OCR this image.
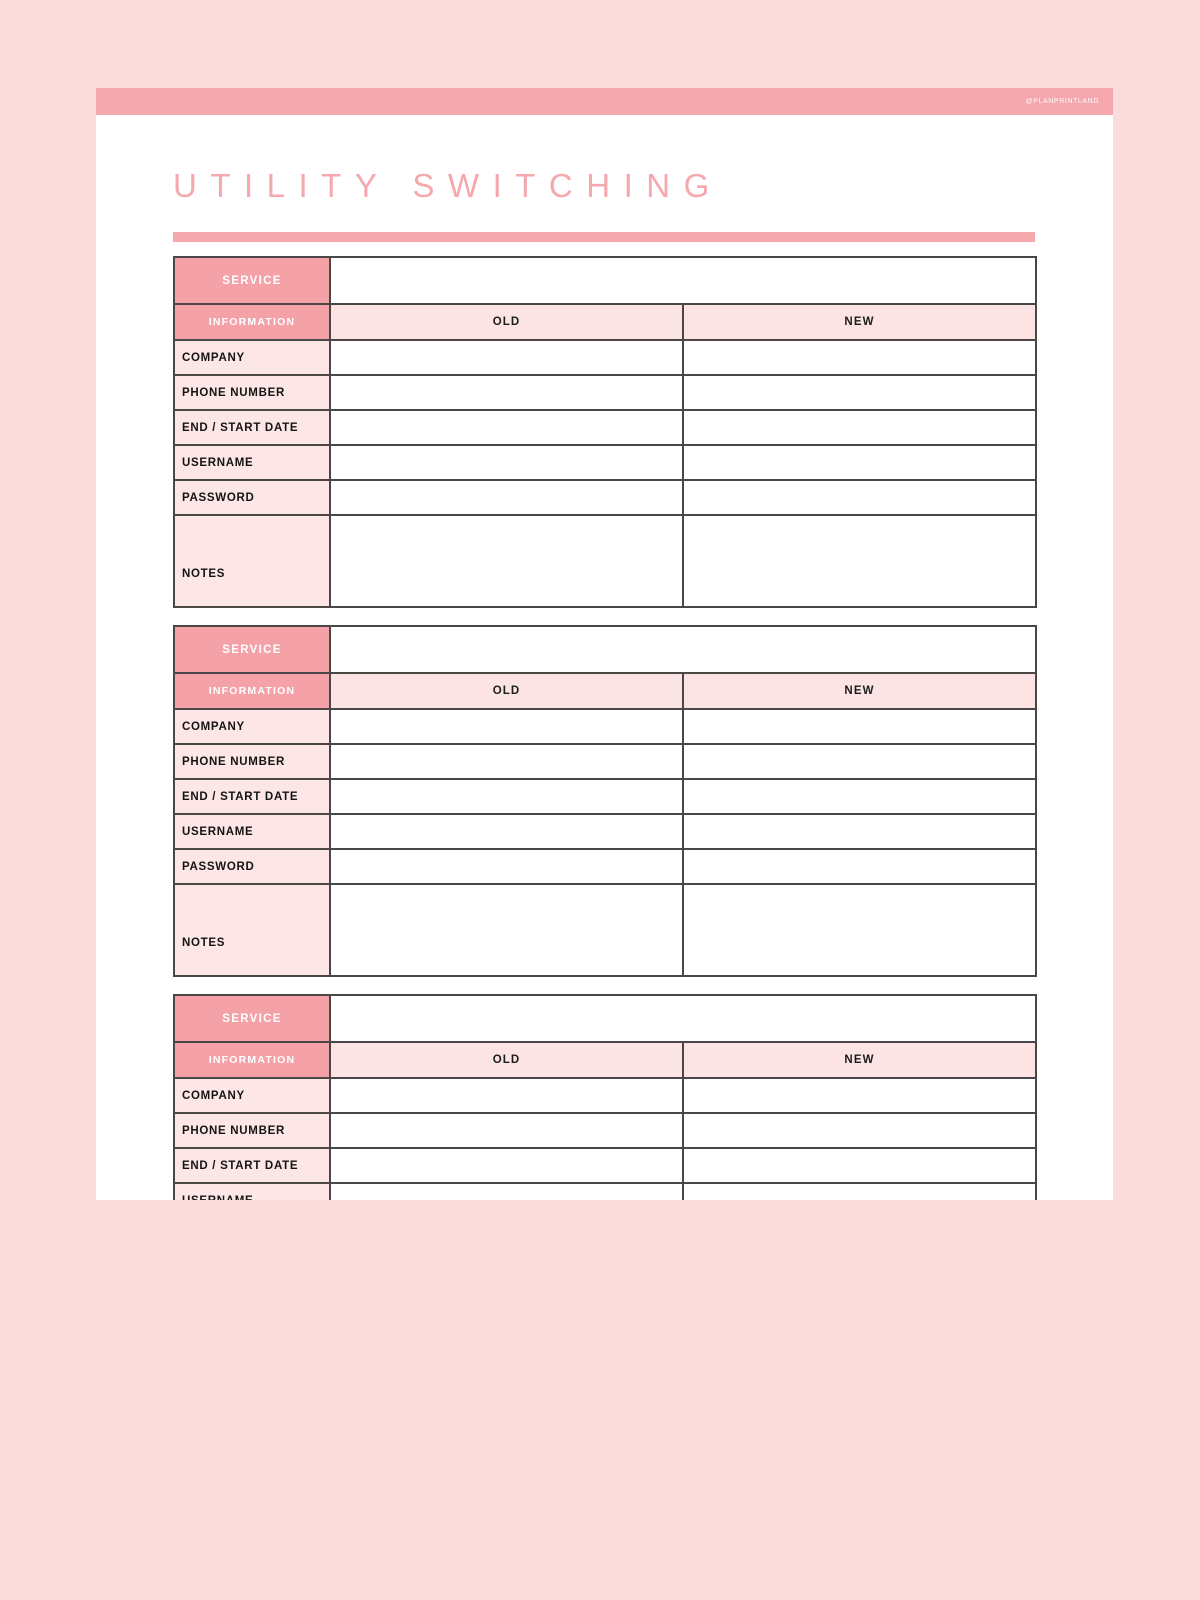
@PLANPRINTLAND
UTILITY SWITCHING
SERVICE		
INFORMATION	OLD	NEW
COMPANY		
PHONE NUMBER		
END / START DATE		
USERNAME		
PASSWORD		
NOTES		
SERVICE		
INFORMATION	OLD	NEW
COMPANY		
PHONE NUMBER		
END / START DATE		
USERNAME		
PASSWORD		
NOTES		
SERVICE		
INFORMATION	OLD	NEW
COMPANY		
PHONE NUMBER		
END / START DATE		
